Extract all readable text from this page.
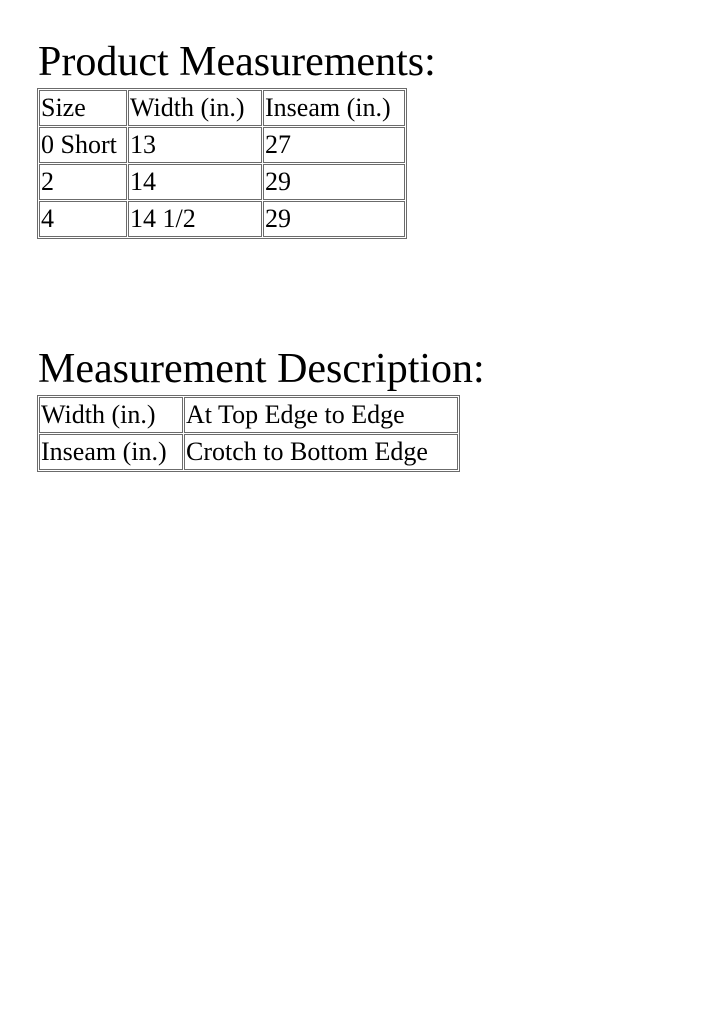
Product Measurements:
Size	Width (in.)	Inseam (in.)
0 Short	13	27
2	14	29
4	14 1/2	29
Measurement Description:
Width (in.)	At Top Edge to Edge
Inseam (in.)	Crotch to Bottom Edge
